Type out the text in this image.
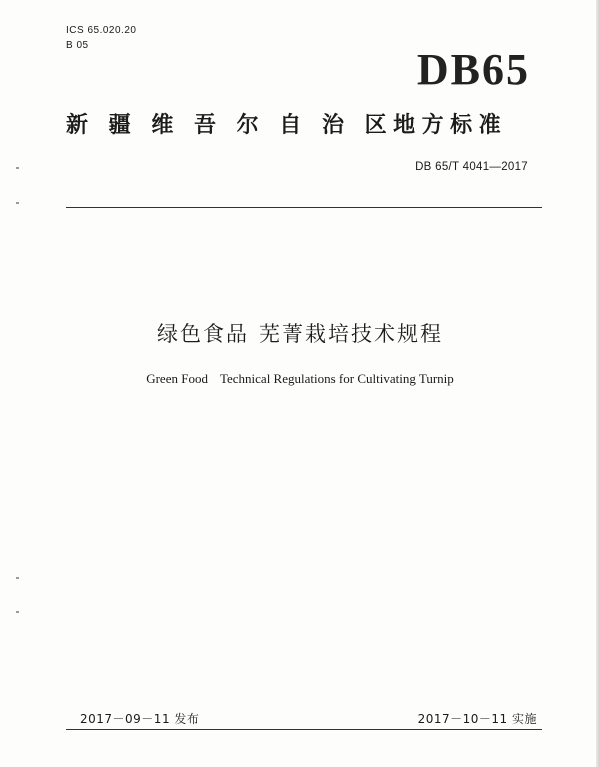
ICS 65.020.20
B 05	DB65
新 疆 维 吾 尔 自 治 区地方标准
DB 65/T 4041—2017
绿色食品 芜菁栽培技术规程
Green Food Technical Regulations for Cultivating Turnip
2017－09－11 发布	2017－10－11 实施
